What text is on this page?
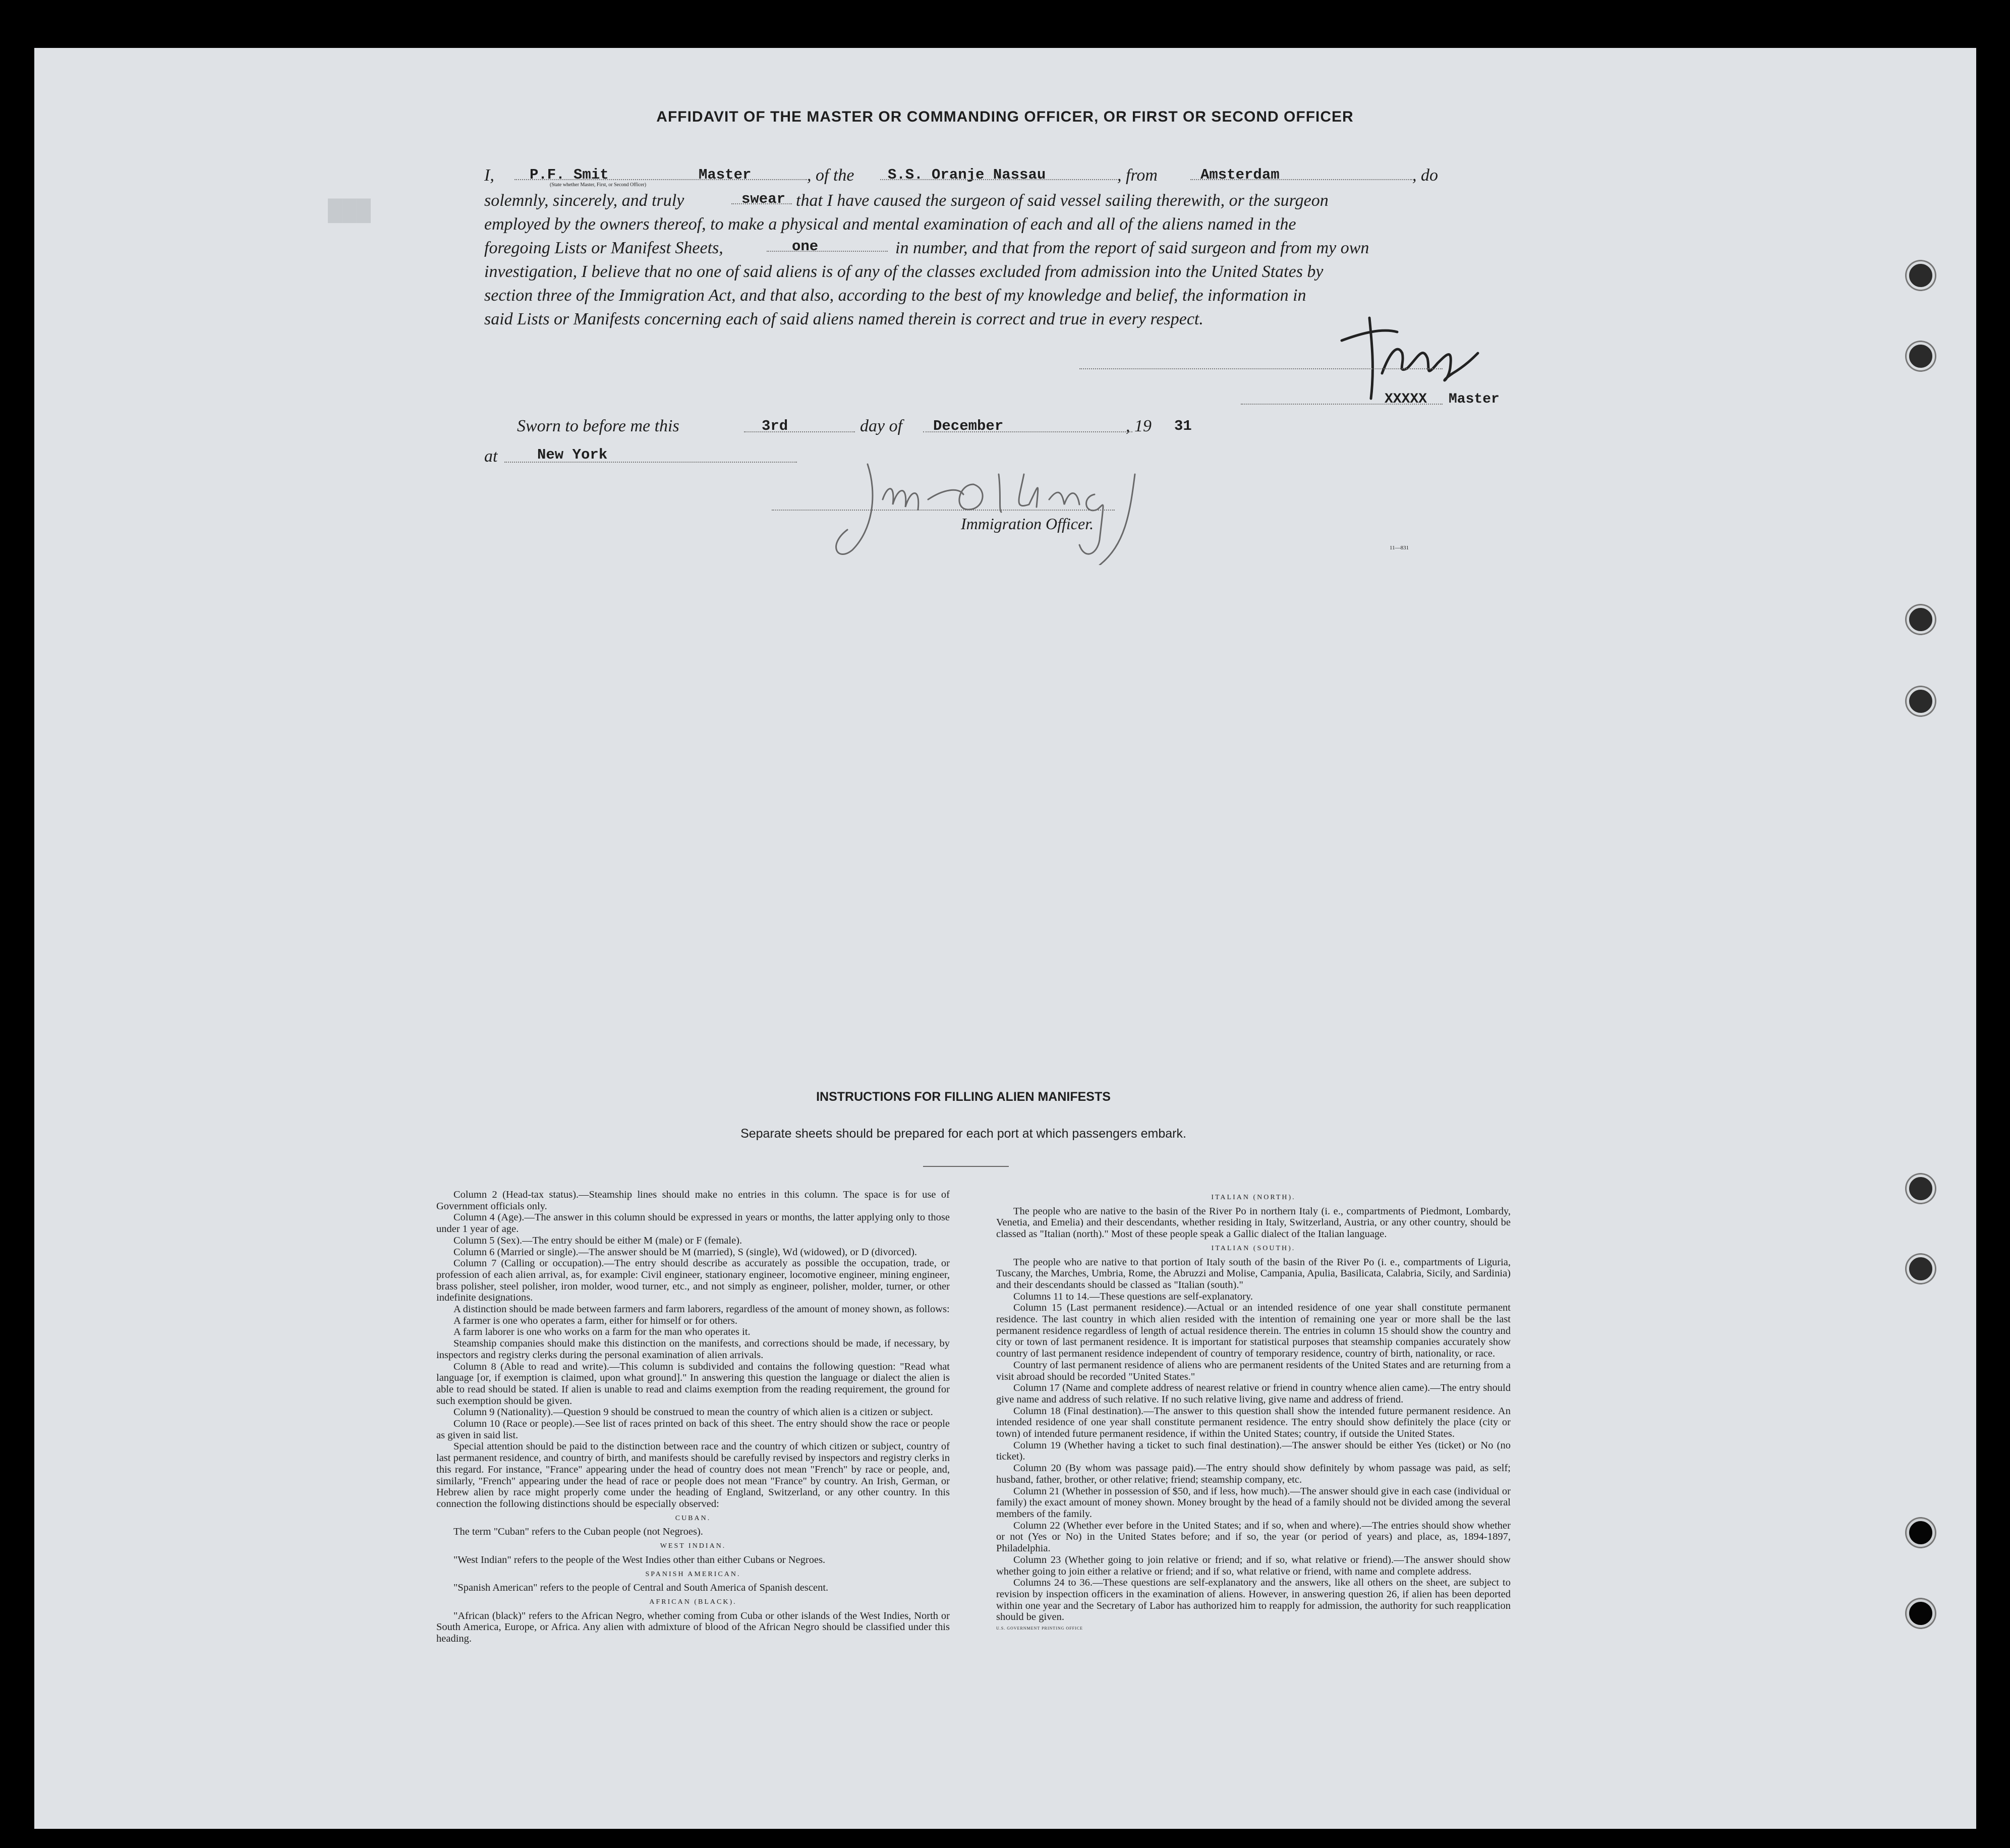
███
AFFIDAVIT OF THE MASTER OR COMMANDING OFFICER, OR FIRST OR SECOND OFFICER
I,	P.F. Smit	Master
(State whether Master, First, or Second Officer)
, of the S.S. Oranje Nassau	, from	Amsterdam	, do
solemnly, sincerely, and truly	swear that I have caused the surgeon of said vessel sailing therewith, or the surgeon
employed by the owners thereof, to make a physical and mental examination of each and all of the aliens named in the
foregoing Lists or Manifest Sheets,	one	in number, and that from the report of said surgeon and from my own
investigation, I believe that no one of said aliens is of any of the classes excluded from admission into the United States by
section three of the Immigration Act, and that also, according to the best of my knowledge and belief, the information in
said Lists or Manifests concerning each of said aliens named therein is correct and true in every respect.
XXXXX Master
Sworn to before me this	3rd	day of December	, 19 31
at	New York
Immigration Officer.
11—831
INSTRUCTIONS FOR FILLING ALIEN MANIFESTS
Separate sheets should be prepared for each port at which passengers embark.

Column 2 (Head-tax status).—Steamship lines should make no entries in this column. The space is for use of Government officials only.

Column 4 (Age).—The answer in this column should be expressed in years or months, the latter applying only to those under 1 year of age.

Column 5 (Sex).—The entry should be either M (male) or F (female).

Column 6 (Married or single).—The answer should be M (married), S (single), Wd (widowed), or D (divorced).

Column 7 (Calling or occupation).—The entry should describe as accurately as possible the occupation, trade, or profession of each alien arrival, as, for example: Civil engineer, stationary engineer, locomotive engineer, mining engineer, brass polisher, steel polisher, iron molder, wood turner, etc., and not simply as engineer, polisher, molder, turner, or other indefinite designations.

A distinction should be made between farmers and farm laborers, regardless of the amount of money shown, as follows:

A farmer is one who operates a farm, either for himself or for others.

A farm laborer is one who works on a farm for the man who operates it.

Steamship companies should make this distinction on the manifests, and corrections should be made, if necessary, by inspectors and registry clerks during the personal examination of alien arrivals.

Column 8 (Able to read and write).—This column is subdivided and contains the following question: "Read what language [or, if exemption is claimed, upon what ground]." In answering this question the language or dialect the alien is able to read should be stated. If alien is unable to read and claims exemption from the reading requirement, the ground for such exemption should be given.

Column 9 (Nationality).—Question 9 should be construed to mean the country of which alien is a citizen or subject.

Column 10 (Race or people).—See list of races printed on back of this sheet. The entry should show the race or people as given in said list.

Special attention should be paid to the distinction between race and the country of which citizen or subject, country of last permanent residence, and country of birth, and manifests should be carefully revised by inspectors and registry clerks in this regard. For instance, "France" appearing under the head of country does not mean "French" by race or people, and, similarly, "French" appearing under the head of race or people does not mean "France" by country. An Irish, German, or Hebrew alien by race might properly come under the heading of England, Switzerland, or any other country. In this connection the following distinctions should be especially observed:

CUBAN.

The term "Cuban" refers to the Cuban people (not Negroes).

WEST INDIAN.

"West Indian" refers to the people of the West Indies other than either Cubans or Negroes.

SPANISH AMERICAN.

"Spanish American" refers to the people of Central and South America of Spanish descent.

AFRICAN (BLACK).

"African (black)" refers to the African Negro, whether coming from Cuba or other islands of the West Indies, North or South America, Europe, or Africa. Any alien with admixture of blood of the African Negro should be classified under this heading.

ITALIAN (NORTH).

The people who are native to the basin of the River Po in northern Italy (i. e., compartments of Piedmont, Lombardy, Venetia, and Emelia) and their descendants, whether residing in Italy, Switzerland, Austria, or any other country, should be classed as "Italian (north)." Most of these people speak a Gallic dialect of the Italian language.

ITALIAN (SOUTH).

The people who are native to that portion of Italy south of the basin of the River Po (i. e., compartments of Liguria, Tuscany, the Marches, Umbria, Rome, the Abruzzi and Molise, Campania, Apulia, Basilicata, Calabria, Sicily, and Sardinia) and their descendants should be classed as "Italian (south)."

Columns 11 to 14.—These questions are self-explanatory.

Column 15 (Last permanent residence).—Actual or an intended residence of one year shall constitute permanent residence. The last country in which alien resided with the intention of remaining one year or more shall be the last permanent residence regardless of length of actual residence therein. The entries in column 15 should show the country and city or town of last permanent residence. It is important for statistical purposes that steamship companies accurately show country of last permanent residence independent of country of temporary residence, country of birth, nationality, or race.

Country of last permanent residence of aliens who are permanent residents of the United States and are returning from a visit abroad should be recorded "United States."

Column 17 (Name and complete address of nearest relative or friend in country whence alien came).—The entry should give name and address of such relative. If no such relative living, give name and address of friend.

Column 18 (Final destination).—The answer to this question shall show the intended future permanent residence. An intended residence of one year shall constitute permanent residence. The entry should show definitely the place (city or town) of intended future permanent residence, if within the United States; country, if outside the United States.

Column 19 (Whether having a ticket to such final destination).—The answer should be either Yes (ticket) or No (no ticket).

Column 20 (By whom was passage paid).—The entry should show definitely by whom passage was paid, as self; husband, father, brother, or other relative; friend; steamship company, etc.

Column 21 (Whether in possession of $50, and if less, how much).—The answer should give in each case (individual or family) the exact amount of money shown. Money brought by the head of a family should not be divided among the several members of the family.

Column 22 (Whether ever before in the United States; and if so, when and where).—The entries should show whether or not (Yes or No) in the United States before; and if so, the year (or period of years) and place, as, 1894-1897, Philadelphia.

Column 23 (Whether going to join relative or friend; and if so, what relative or friend).—The answer should show whether going to join either a relative or friend; and if so, what relative or friend, with name and complete address.

Columns 24 to 36.—These questions are self-explanatory and the answers, like all others on the sheet, are subject to revision by inspection officers in the examination of aliens. However, in answering question 26, if alien has been deported within one year and the Secretary of Labor has authorized him to reapply for admission, the authority for such reapplication should be given.

U.S. GOVERNMENT PRINTING OFFICE
